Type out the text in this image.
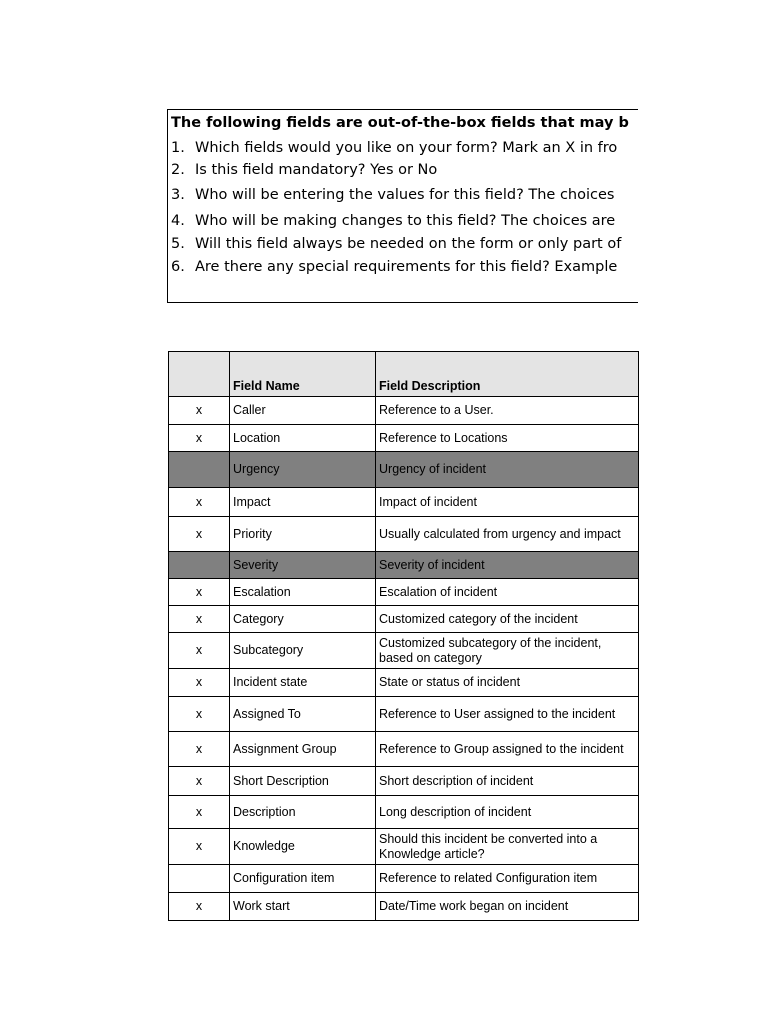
The following fields are out-of-the-box fields that may b
1. Which fields would you like on your form? Mark an X in fro
2. Is this field mandatory? Yes or No
3. Who will be entering the values for this field? The choices
4. Who will be making changes to this field? The choices are
5. Will this field always be needed on the form or only part of
6. Are there any special requirements for this field? Example
	Field Name	Field Description
x	Caller	Reference to a User.
x	Location	Reference to Locations
	Urgency	Urgency of incident
x	Impact	Impact of incident
x	Priority	Usually calculated from urgency and impact
	Severity	Severity of incident
x	Escalation	Escalation of incident
x	Category	Customized category of the incident
x	Subcategory	Customized subcategory of the incident, based on category
x	Incident state	State or status of incident
x	Assigned To	Reference to User assigned to the incident
x	Assignment Group	Reference to Group assigned to the incident
x	Short Description	Short description of incident
x	Description	Long description of incident
x	Knowledge	Should this incident be converted into a Knowledge article?
	Configuration item	Reference to related Configuration item
x	Work start	Date/Time work began on incident
